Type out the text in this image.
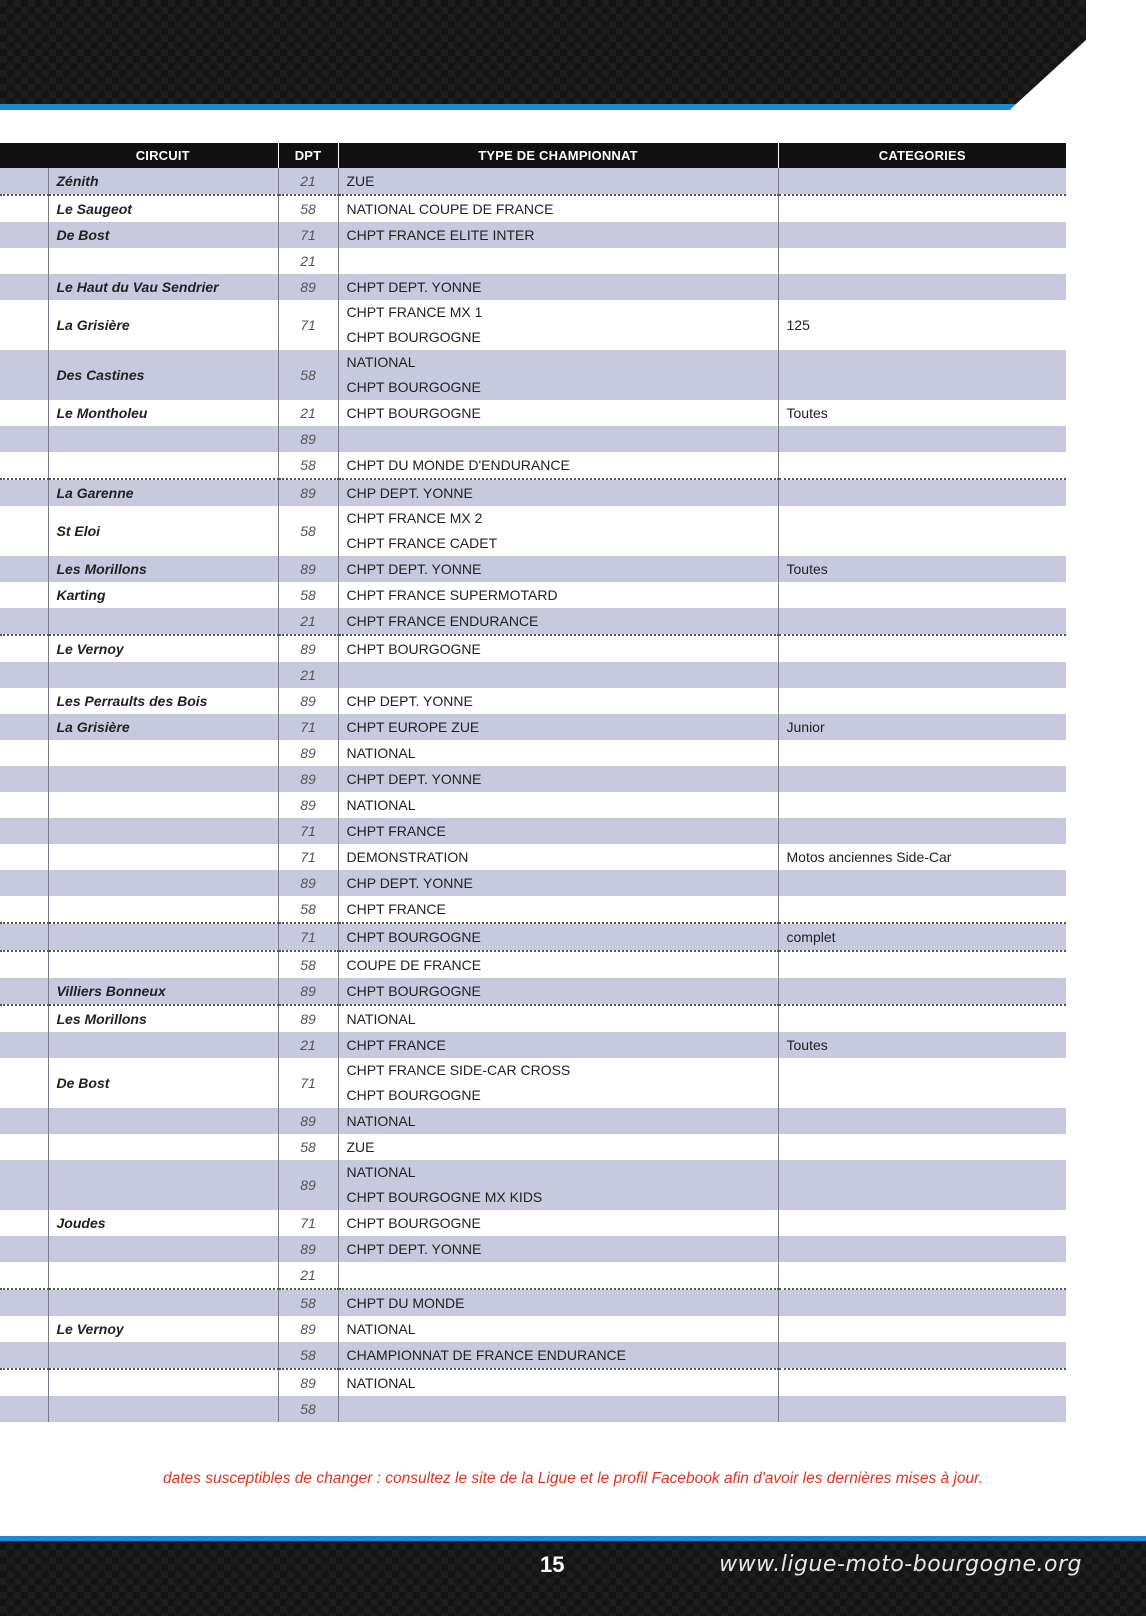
	CIRCUIT	DPT	TYPE DE CHAMPIONNAT	CATEGORIES
	Zénith	21	ZUE	

	Le Saugeot	58	NATIONAL COUPE DE FRANCE	

	De Bost	71	CHPT FRANCE ELITE INTER	

		21	

	Le Haut du Vau Sendrier	89	CHPT DEPT. YONNE	

	La Grisière	71	CHPT FRANCE MX 1
CHPT BOURGOGNE	125
	Des Castines	58	NATIONAL
CHPT BOURGOGNE	

	Le Montholeu	21	CHPT BOURGOGNE	Toutes
		89	

		58	CHPT DU MONDE D'ENDURANCE	

	La Garenne	89	CHP DEPT. YONNE	

	St Eloi	58	CHPT FRANCE MX 2
CHPT FRANCE CADET	

	Les Morillons	89	CHPT DEPT. YONNE	Toutes
	Karting	58	CHPT FRANCE SUPERMOTARD	

		21	CHPT FRANCE ENDURANCE	

	Le Vernoy	89	CHPT BOURGOGNE	

		21	

	Les Perraults des Bois	89	CHP DEPT. YONNE	

	La Grisière	71	CHPT EUROPE ZUE	Junior
		89	NATIONAL	

		89	CHPT DEPT. YONNE	

		89	NATIONAL	

		71	CHPT FRANCE	

		71	DEMONSTRATION	Motos anciennes Side-Car
		89	CHP DEPT. YONNE	

		58	CHPT FRANCE	

		71	CHPT BOURGOGNE	complet
		58	COUPE DE FRANCE	

	Villiers Bonneux	89	CHPT BOURGOGNE	

	Les Morillons	89	NATIONAL	

		21	CHPT FRANCE	Toutes
	De Bost	71	CHPT FRANCE SIDE-CAR CROSS
CHPT BOURGOGNE	

		89	NATIONAL	

		58	ZUE	

		89	NATIONAL
CHPT BOURGOGNE MX KIDS	

	Joudes	71	CHPT BOURGOGNE	

		89	CHPT DEPT. YONNE	

		21	

		58	CHPT DU MONDE	

	Le Vernoy	89	NATIONAL	

		58	CHAMPIONNAT DE FRANCE ENDURANCE	

		89	NATIONAL	

		58	

dates susceptibles de changer : consultez le site de la Ligue et le profil Facebook afin d'avoir les dernières mises à jour.
15	www.ligue-moto-bourgogne.org
